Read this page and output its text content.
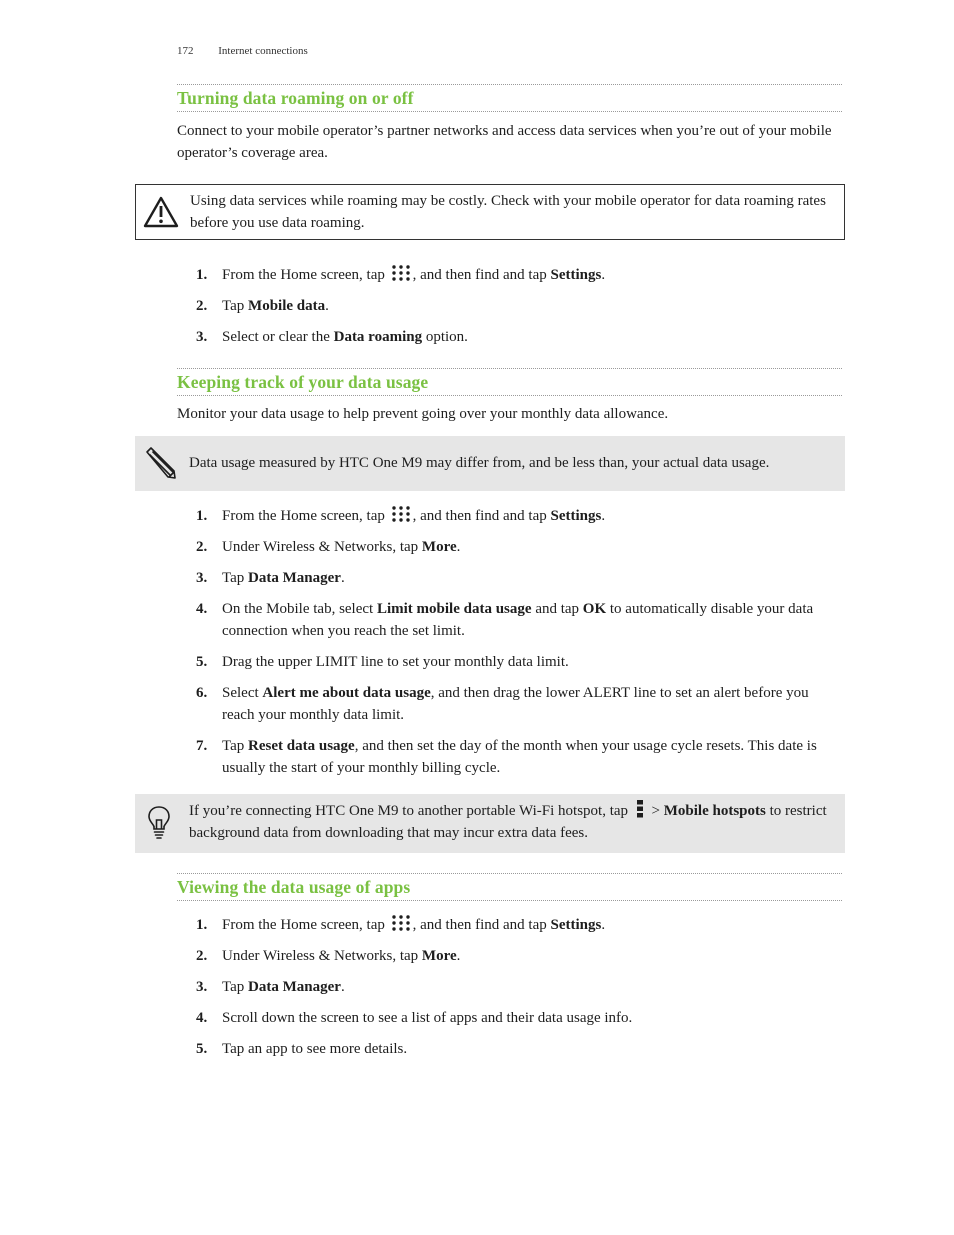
172 Internet connections
Turning data roaming on or off
Connect to your mobile operator’s partner networks and access data services when you’re out of your mobile operator’s coverage area.
Using data services while roaming may be costly. Check with your mobile operator for data roaming rates before you use data roaming.
1. From the Home screen, tap , and then find and tap Settings.
2. Tap Mobile data.
3. Select or clear the Data roaming option.
Keeping track of your data usage
Monitor your data usage to help prevent going over your monthly data allowance.
Data usage measured by HTC One M9 may differ from, and be less than, your actual data usage.
1. From the Home screen, tap , and then find and tap Settings.
2. Under Wireless & Networks, tap More.
3. Tap Data Manager.
4. On the Mobile tab, select Limit mobile data usage and tap OK to automatically disable your data connection when you reach the set limit.
5. Drag the upper LIMIT line to set your monthly data limit.
6. Select Alert me about data usage, and then drag the lower ALERT line to set an alert before you reach your monthly data limit.
7. Tap Reset data usage, and then set the day of the month when your usage cycle resets. This date is usually the start of your monthly billing cycle.
If you’re connecting HTC One M9 to another portable Wi-Fi hotspot, tap  > Mobile hotspots to restrict background data from downloading that may incur extra data fees.
Viewing the data usage of apps
1. From the Home screen, tap , and then find and tap Settings.
2. Under Wireless & Networks, tap More.
3. Tap Data Manager.
4. Scroll down the screen to see a list of apps and their data usage info.
5. Tap an app to see more details.
